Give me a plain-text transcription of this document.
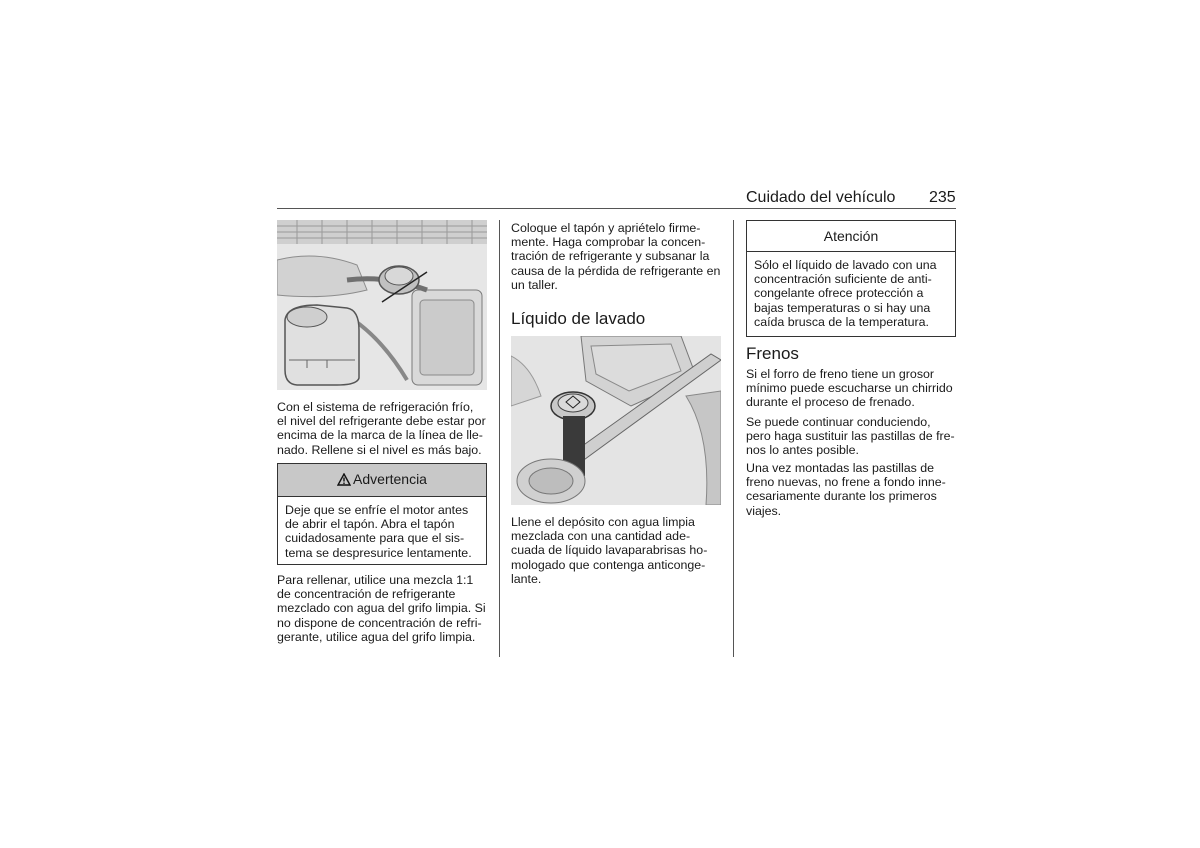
Cuidado del vehículo 235

Con el sistema de refrigeración frío,
el nivel del refrigerante debe estar por
encima de la marca de la línea de lle-
nado. Rellene si el nivel es más bajo.

Advertencia
Deje que se enfríe el motor antes
de abrir el tapón. Abra el tapón
cuidadosamente para que el sis-
tema se despresurice lentamente.

Para rellenar, utilice una mezcla 1:1
de concentración de refrigerante
mezclado con agua del grifo limpia. Si
no dispone de concentración de refri-
gerante, utilice agua del grifo limpia.

Coloque el tapón y apriételo firme-
mente. Haga comprobar la concen-
tración de refrigerante y subsanar la
causa de la pérdida de refrigerante en
un taller.

Líquido de lavado

Llene el depósito con agua limpia
mezclada con una cantidad ade-
cuada de líquido lavaparabrisas ho-
mologado que contenga anticonge-
lante.

Atención
Sólo el líquido de lavado con una
concentración suficiente de anti-
congelante ofrece protección a
bajas temperaturas o si hay una
caída brusca de la temperatura.
Frenos

Si el forro de freno tiene un grosor
mínimo puede escucharse un chirrido
durante el proceso de frenado.

Se puede continuar conduciendo,
pero haga sustituir las pastillas de fre-
nos lo antes posible.

Una vez montadas las pastillas de
freno nuevas, no frene a fondo inne-
cesariamente durante los primeros
viajes.
